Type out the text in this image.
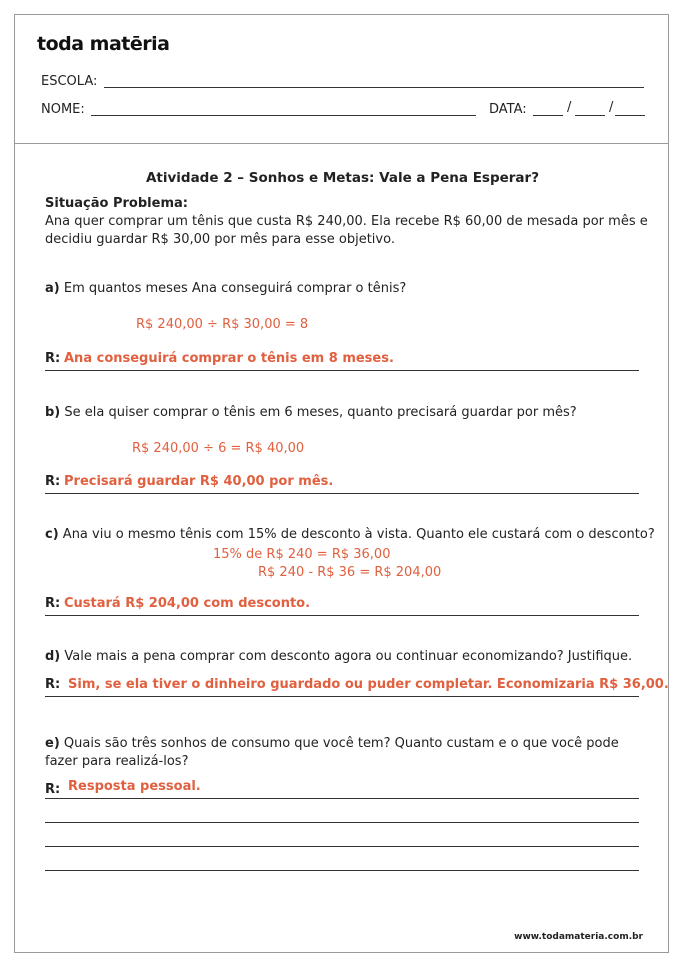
toda matēria
ESCOLA:
NOME:	DATA:	/	/
Atividade 2 – Sonhos e Metas: Vale a Pena Esperar?
Situação Problema:
Ana quer comprar um tênis que custa R$ 240,00. Ela recebe R$ 60,00 de mesada por mês e
decidiu guardar R$ 30,00 por mês para esse objetivo.
a) Em quantos meses Ana conseguirá comprar o tênis?
R$ 240,00 ÷ R$ 30,00 = 8
R: Ana conseguirá comprar o tênis em 8 meses.
b) Se ela quiser comprar o tênis em 6 meses, quanto precisará guardar por mês?
R$ 240,00 ÷ 6 = R$ 40,00
R: Precisará guardar R$ 40,00 por mês.
c) Ana viu o mesmo tênis com 15% de desconto à vista. Quanto ele custará com o desconto?
15% de R$ 240 = R$ 36,00
R$ 240 - R$ 36 = R$ 204,00
R: Custará R$ 204,00 com desconto.
d) Vale mais a pena comprar com desconto agora ou continuar economizando? Justifique.
R: Sim, se ela tiver o dinheiro guardado ou puder completar. Economizaria R$ 36,00.
e) Quais são três sonhos de consumo que você tem? Quanto custam e o que você pode
fazer para realizá-los?
R: Resposta pessoal.
www.todamateria.com.br
